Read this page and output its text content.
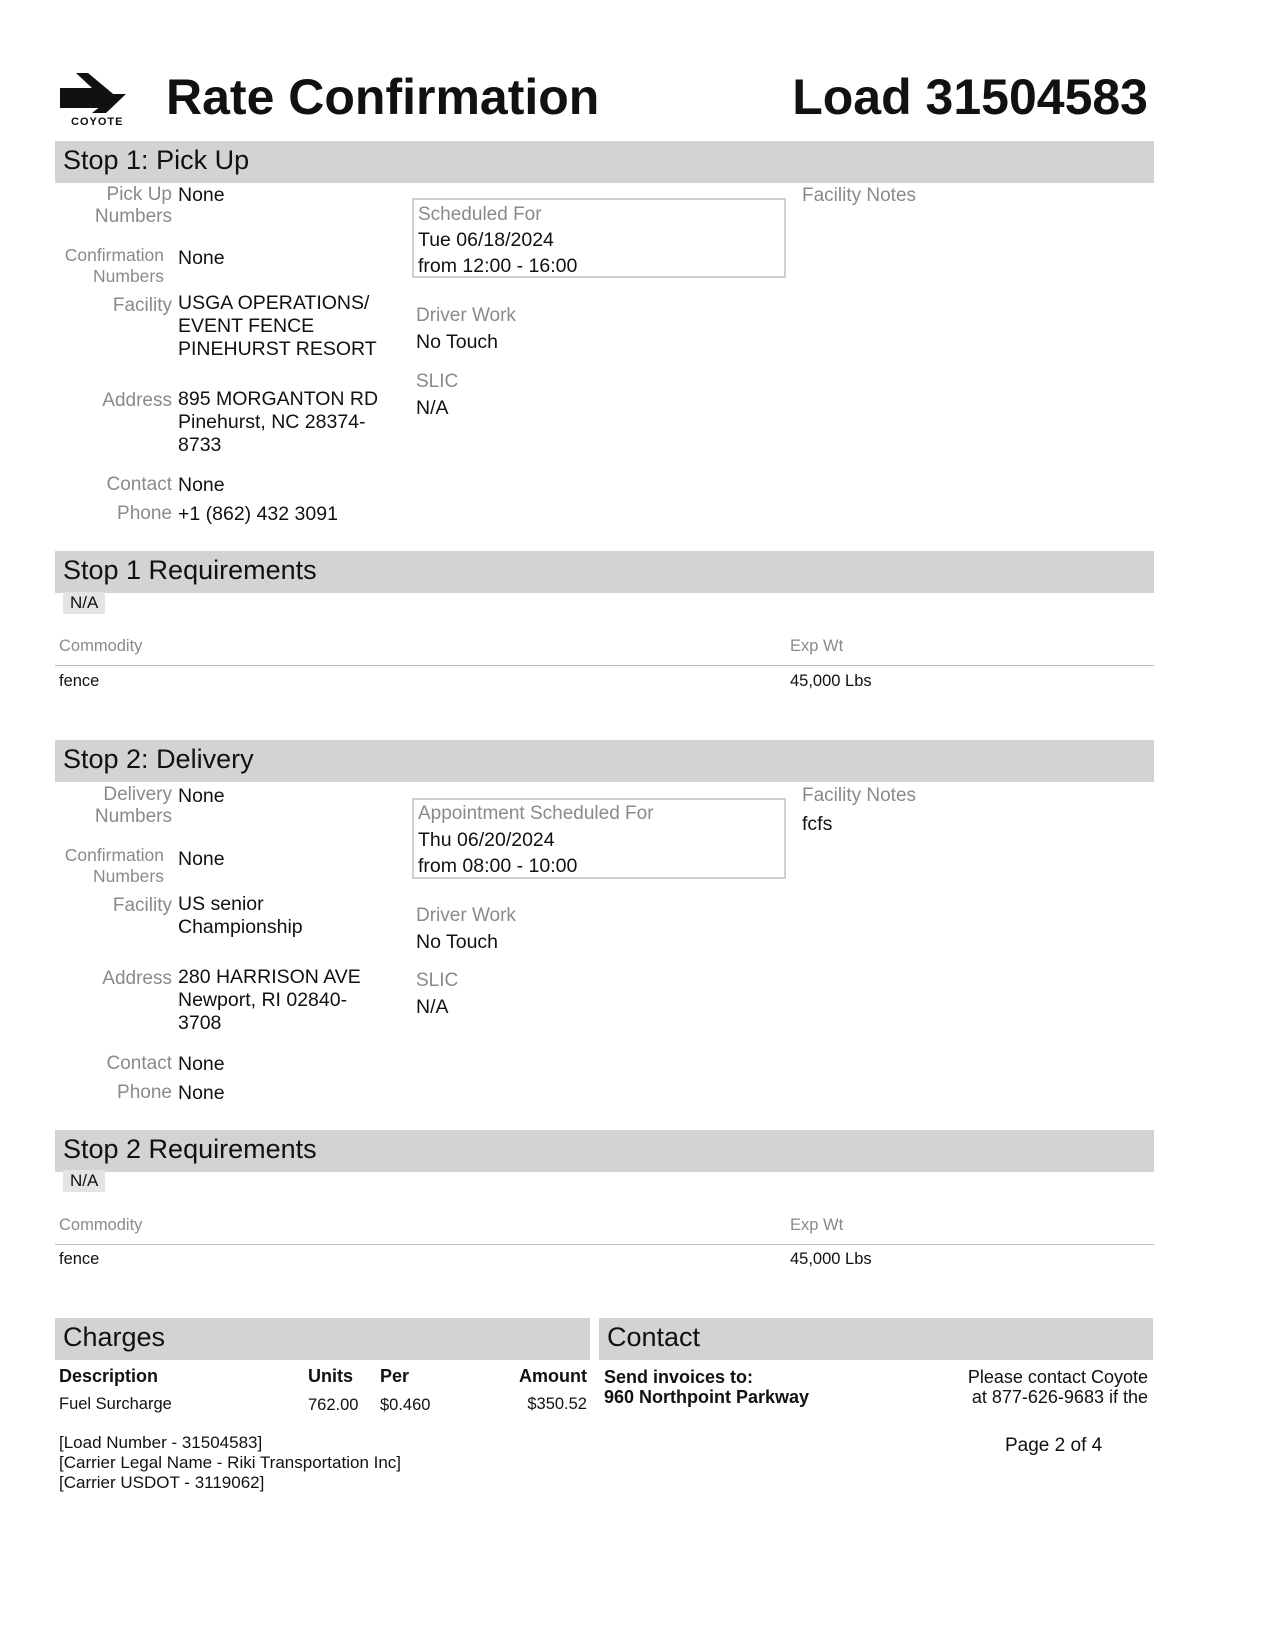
COYOTE Rate Confirmation	Load 31504583
Stop 1: Pick Up
Pick Up Numbers
None
Confirmation Numbers
None
Facility USGA OPERATIONS/
EVENT FENCE
PINEHURST RESORT
Address 895 MORGANTON RD
Pinehurst, NC 28374-
8733
Contact None
Phone +1 (862) 432 3091
Scheduled For
Tue 06/18/2024
from 12:00 - 16:00
Driver Work
No Touch
SLIC
N/A
Facility Notes
Stop 1 Requirements
N/A
Commodity	Exp Wt
fence	45,000 Lbs
Stop 2: Delivery
Delivery Numbers
None
Confirmation Numbers
None
Facility US senior
Championship
Address 280 HARRISON AVE
Newport, RI 02840-
3708
Contact None
Phone None
Appointment Scheduled For
Thu 06/20/2024
from 08:00 - 10:00
Driver Work
No Touch
SLIC
N/A
Facility Notes
fcfs
Stop 2 Requirements
N/A
Commodity	Exp Wt
fence	45,000 Lbs
Charges
Description	Units Per	Amount
Fuel Surcharge	762.00 $0.460	$350.52
Contact
Send invoices to:
960 Northpoint Parkway
Please contact Coyote
at 877-626-9683 if the
[Load Number - 31504583]
[Carrier Legal Name - Riki Transportation Inc]
[Carrier USDOT - 3119062]
Page 2 of 4
